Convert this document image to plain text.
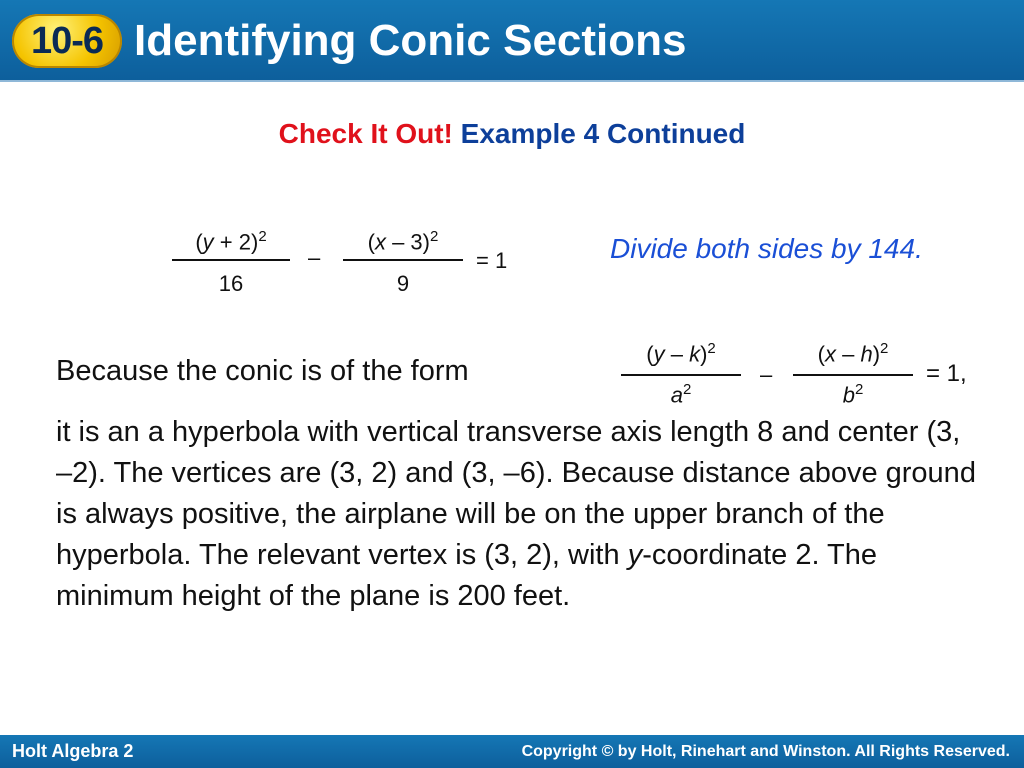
10-6 Identifying Conic Sections
Check It Out! Example 4 Continued
$(y + 2)^2$
16
–
(x – 3)$^2$
9
= 1	Divide both sides by 144.
Because the conic is of the form
(y – k)$^2$
$a^2$
–
(x – h)$^2$
$b^2$
= 1,

it is an a hyperbola with vertical transverse axis length 8 and center (3, –2). The vertices are (3, 2) and (3, –6). Because distance above ground is always positive, the airplane will be on the upper branch of the hyperbola. The relevant vertex is (3, 2), with y-coordinate 2. The minimum height of the plane is 200 feet.

Holt Algebra 2	Copyright © by Holt, Rinehart and Winston. All Rights Reserved.
